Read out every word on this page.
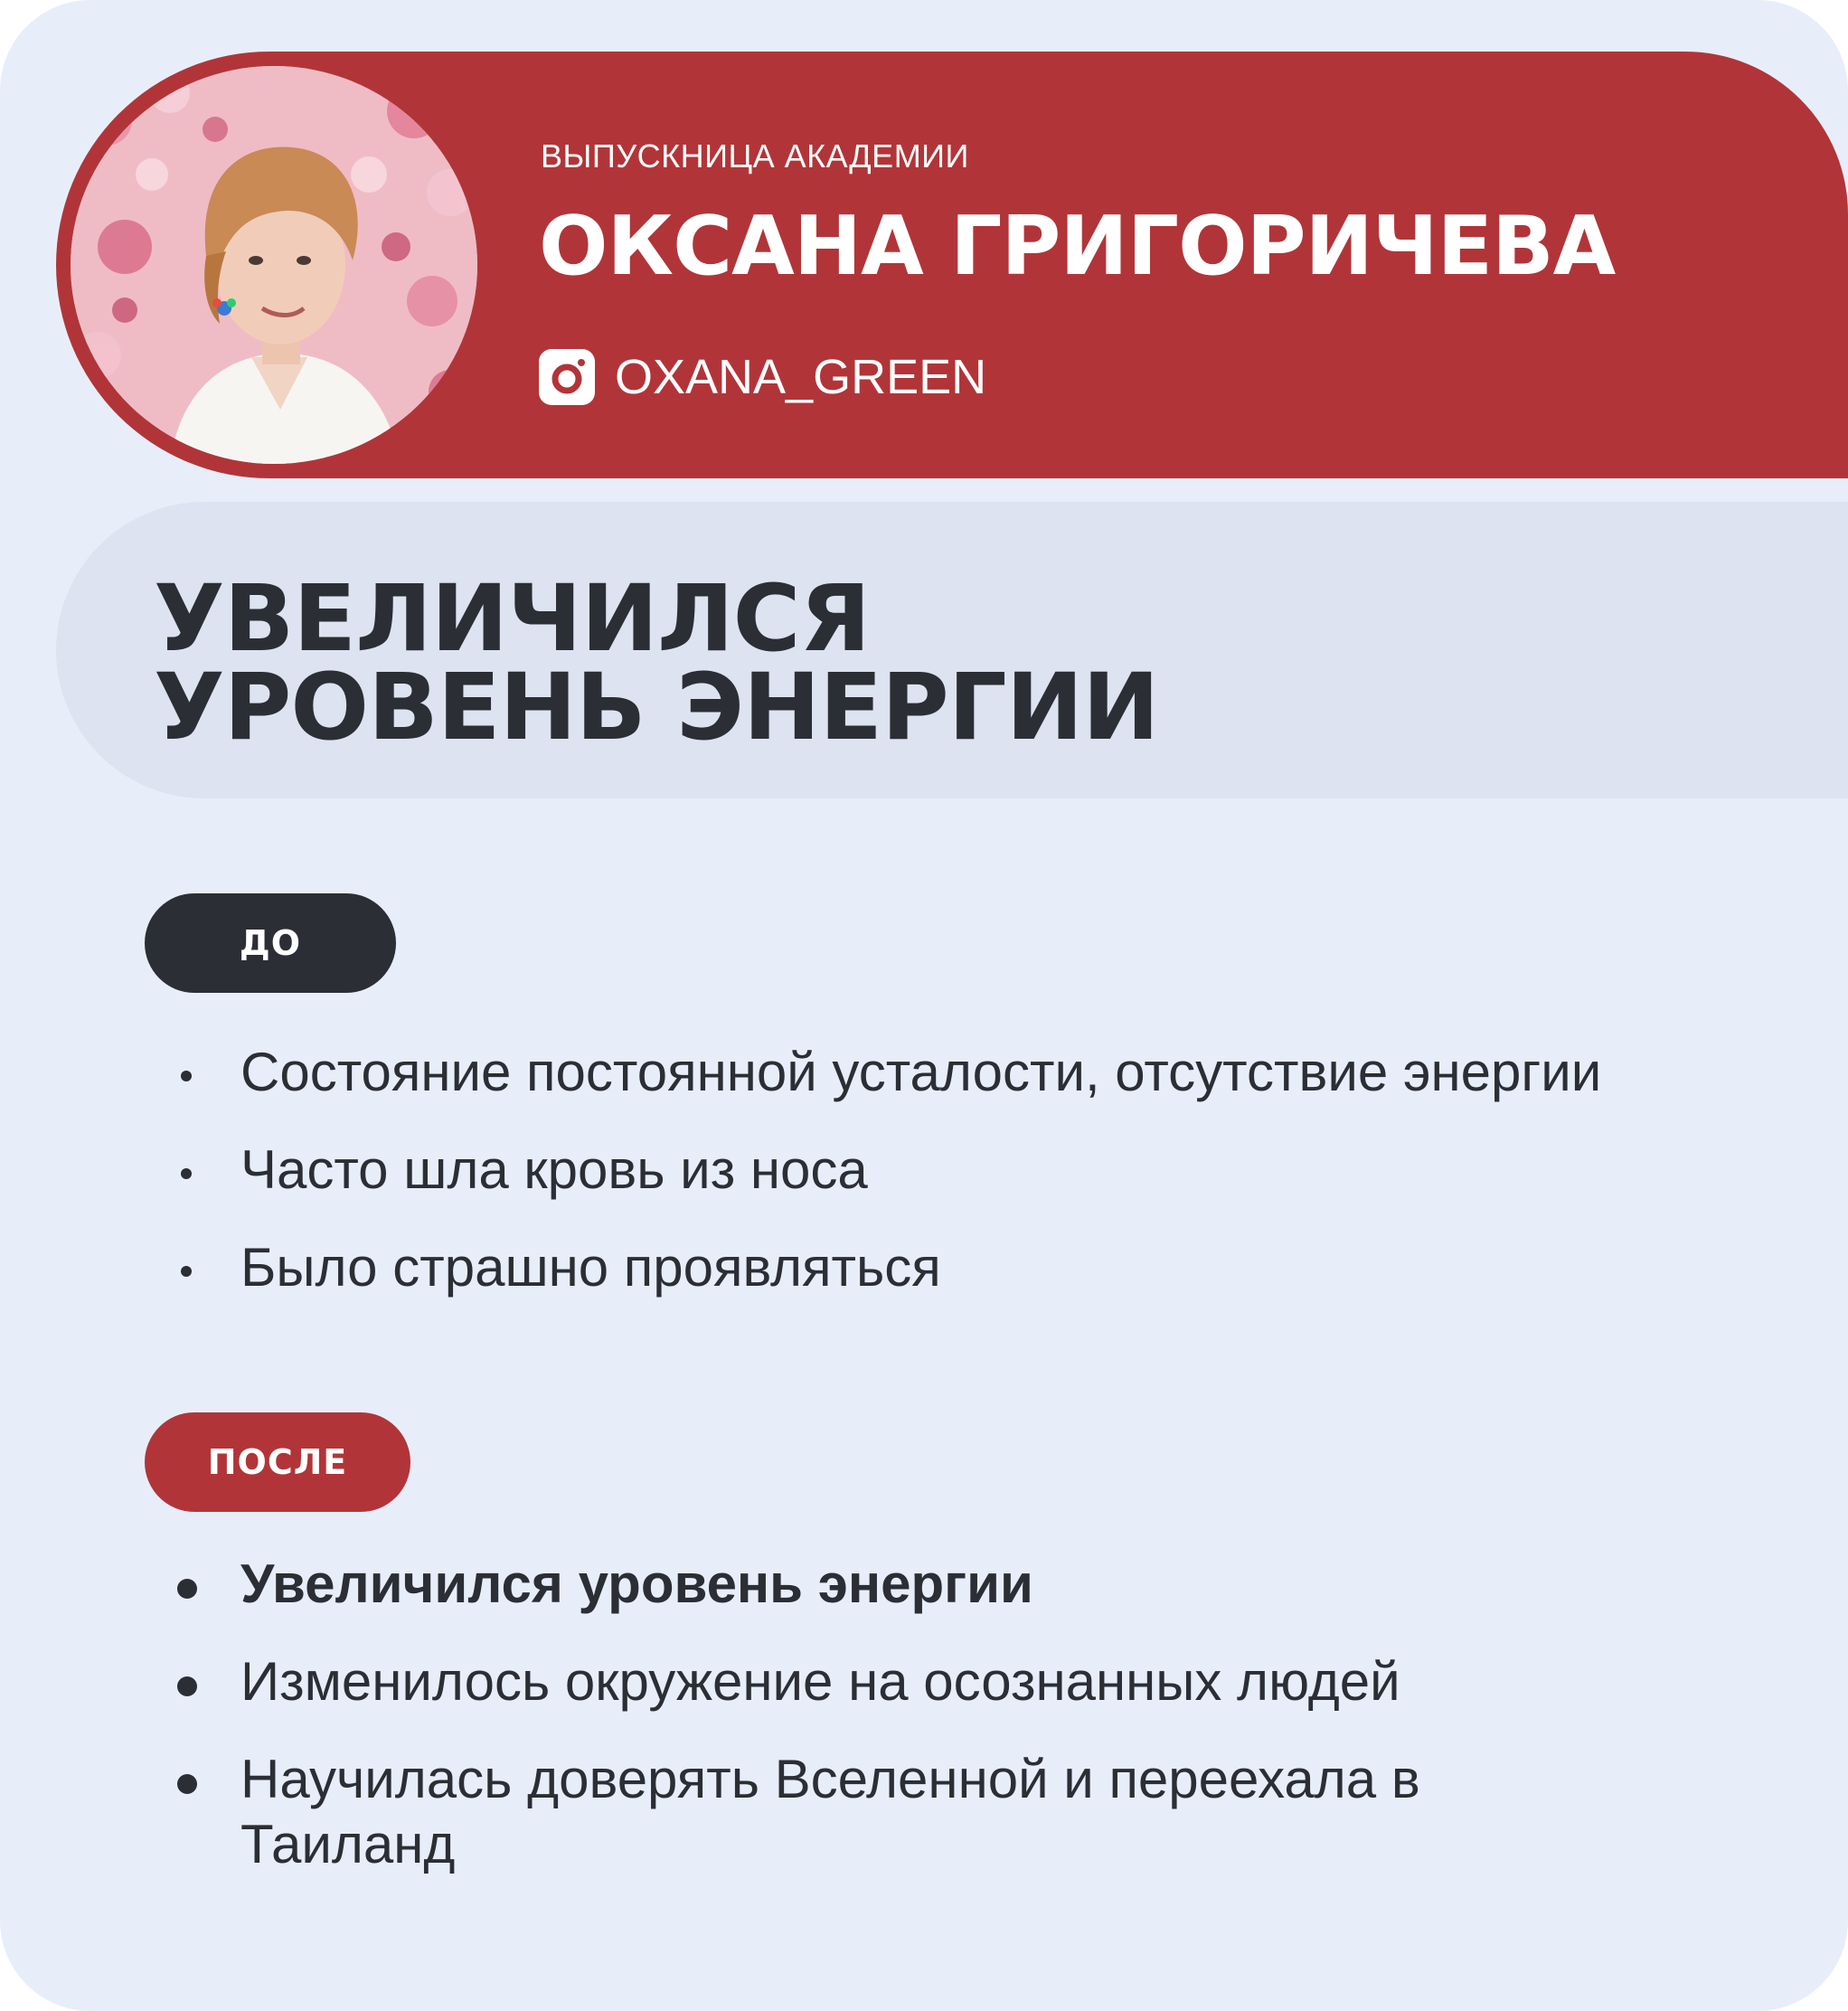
ВЫПУСКНИЦА АКАДЕМИИ
ОКСАНА ГРИГОРИЧЕВА
OXANA_GREEN
УВЕЛИЧИЛСЯ
УРОВЕНЬ ЭНЕРГИИ
ДО
Состояние постоянной усталости, отсутствие энергии
Часто шла кровь из носа
Было страшно проявляться
ПОСЛЕ
Увеличился уровень энергии
Изменилось окружение на осознанных людей
Научилась доверять Вселенной и переехала в Таиланд
